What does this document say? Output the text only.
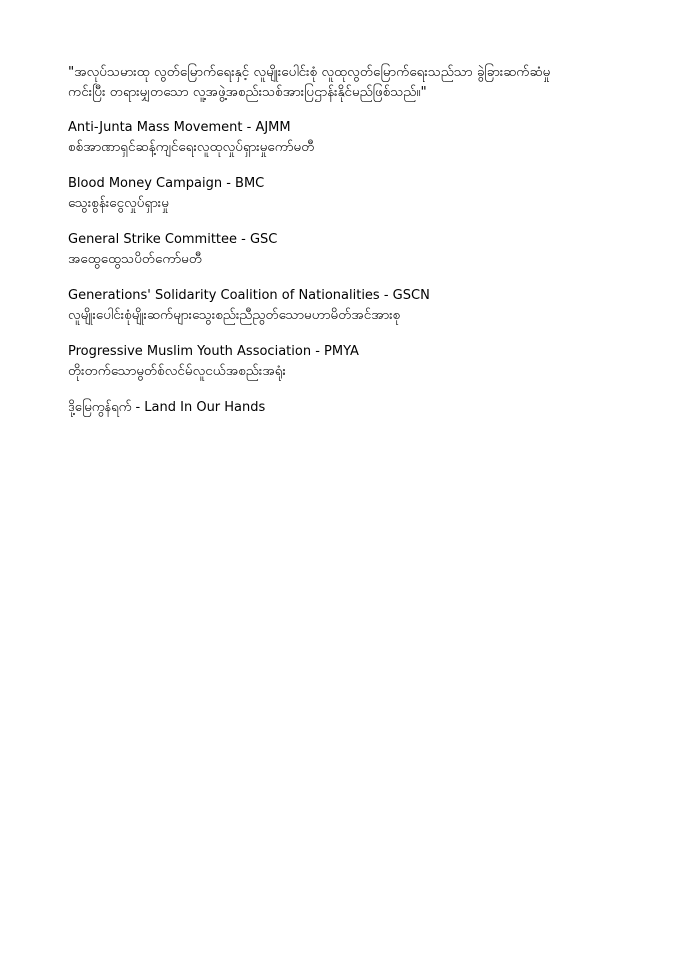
"အလုပ်သမားထု လွတ်မြောက်ရေးနှင့် လူမျိုးပေါင်းစုံ လူထုလွတ်မြောက်ရေးသည်သာ ခွဲခြားဆက်ဆံမှု
ကင်းပြီး တရားမျှတသော လူ့အဖွဲ့အစည်းသစ်အားပြဌာန်းနိုင်မည်ဖြစ်သည်။"
Anti-Junta Mass Movement - AJMM
စစ်အာဏာရှင်ဆန့်ကျင်ရေးလူထုလှုပ်ရှားမှုကော်မတီ
Blood Money Campaign - BMC
သွေးစွန်းငွေလှုပ်ရှားမှု
General Strike Committee - GSC
အထွေထွေသပိတ်ကော်မတီ
Generations' Solidarity Coalition of Nationalities - GSCN
လူမျိုးပေါင်းစုံမျိုးဆက်များသွေးစည်းညီညွတ်သောမဟာမိတ်အင်အားစု
Progressive Muslim Youth Association - PMYA
တိုးတက်သောမွတ်စ်လင်မ်လူငယ်အစည်းအရုံး
ဒို့မြေကွန်ရက် - Land In Our Hands
